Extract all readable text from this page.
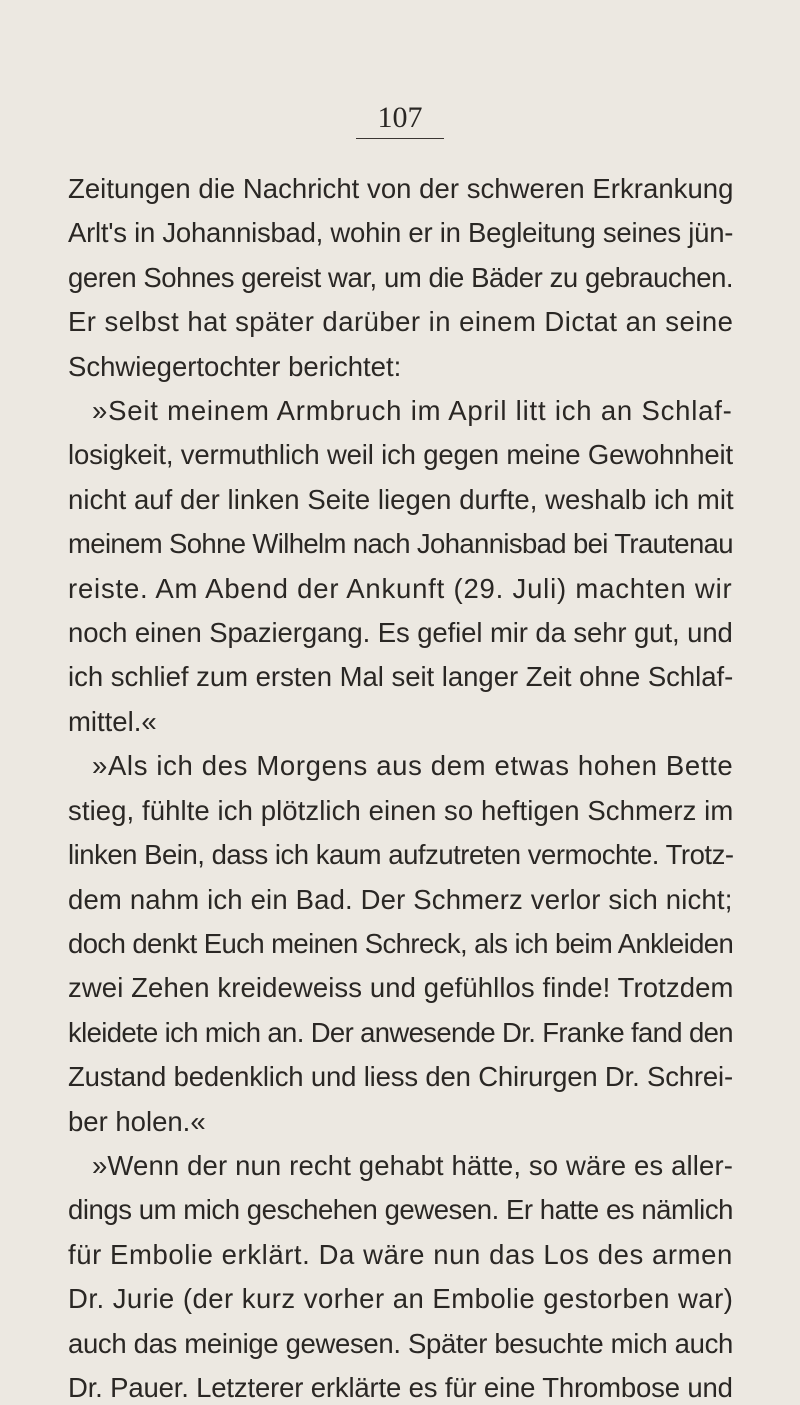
107
Zeitungen die Nachricht von der schweren Erkrankung
Arlt's in Johannisbad, wohin er in Begleitung seines jün-
geren Sohnes gereist war, um die Bäder zu gebrauchen.
Er selbst hat später darüber in einem Dictat an seine
Schwiegertochter berichtet:
»Seit meinem Armbruch im April litt ich an Schlaf-
losigkeit, vermuthlich weil ich gegen meine Gewohnheit
nicht auf der linken Seite liegen durfte, weshalb ich mit
meinem Sohne Wilhelm nach Johannisbad bei Trautenau
reiste. Am Abend der Ankunft (29. Juli) machten wir
noch einen Spaziergang. Es gefiel mir da sehr gut, und
ich schlief zum ersten Mal seit langer Zeit ohne Schlaf-
mittel.«
»Als ich des Morgens aus dem etwas hohen Bette
stieg, fühlte ich plötzlich einen so heftigen Schmerz im
linken Bein, dass ich kaum aufzutreten vermochte. Trotz-
dem nahm ich ein Bad. Der Schmerz verlor sich nicht;
doch denkt Euch meinen Schreck, als ich beim Ankleiden
zwei Zehen kreideweiss und gefühllos finde! Trotzdem
kleidete ich mich an. Der anwesende Dr. Franke fand den
Zustand bedenklich und liess den Chirurgen Dr. Schrei-
ber holen.«
»Wenn der nun recht gehabt hätte, so wäre es aller-
dings um mich geschehen gewesen. Er hatte es nämlich
für Embolie erklärt. Da wäre nun das Los des armen
Dr. Jurie (der kurz vorher an Embolie gestorben war)
auch das meinige gewesen. Später besuchte mich auch
Dr. Pauer. Letzterer erklärte es für eine Thrombose und
